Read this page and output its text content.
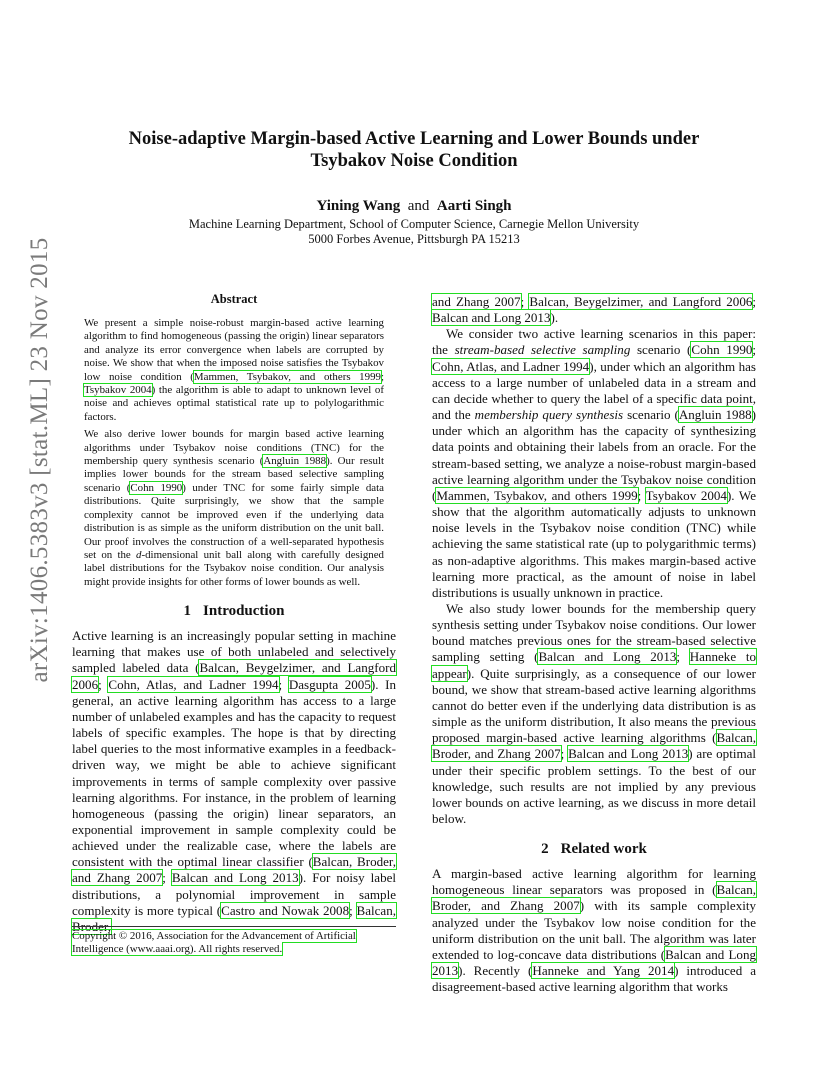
arXiv:1406.5383v3 [stat.ML] 23 Nov 2015
Noise-adaptive Margin-based Active Learning and Lower Bounds under
Tsybakov Noise Condition
Yining Wang and Aarti Singh
Machine Learning Department, School of Computer Science, Carnegie Mellon University
5000 Forbes Avenue, Pittsburgh PA 15213
Abstract

We present a simple noise-robust margin-based active learning algorithm to find homogeneous (passing the origin) linear separators and analyze its error convergence when labels are corrupted by noise. We show that when the imposed noise satisfies the Tsybakov low noise condition (Mammen, Tsybakov, and others 1999; Tsybakov 2004) the algorithm is able to adapt to unknown level of noise and achieves optimal statistical rate up to polylogarithmic factors.

We also derive lower bounds for margin based active learning algorithms under Tsybakov noise conditions (TNC) for the membership query synthesis scenario (Angluin 1988). Our result implies lower bounds for the stream based selective sampling scenario (Cohn 1990) under TNC for some fairly simple data distributions. Quite surprisingly, we show that the sample complexity cannot be improved even if the underlying data distribution is as simple as the uniform distribution on the unit ball. Our proof involves the construction of a well-separated hypothesis set on the d-dimensional unit ball along with carefully designed label distributions for the Tsybakov noise condition. Our analysis might provide insights for other forms of lower bounds as well.

1 Introduction

Active learning is an increasingly popular setting in machine learning that makes use of both unlabeled and selectively sampled labeled data (Balcan, Beygelzimer, and Langford 2006; Cohn, Atlas, and Ladner 1994; Dasgupta 2005). In general, an active learning algorithm has access to a large number of unlabeled examples and has the capacity to request labels of specific examples. The hope is that by directing label queries to the most informative examples in a feedback-driven way, we might be able to achieve significant improvements in terms of sample complexity over passive learning algorithms. For instance, in the problem of learning homogeneous (passing the origin) linear separators, an exponential improvement in sample complexity could be achieved under the realizable case, where the labels are consistent with the optimal linear classifier (Balcan, Broder, and Zhang 2007; Balcan and Long 2013). For noisy label distributions, a polynomial improvement in sample complexity is more typical (Castro and Nowak 2008; Balcan, Broder,

Copyright © 2016, Association for the Advancement of Artificial Intelligence (www.aaai.org). All rights reserved.

and Zhang 2007; Balcan, Beygelzimer, and Langford 2006; Balcan and Long 2013).

We consider two active learning scenarios in this paper: the stream-based selective sampling scenario (Cohn 1990; Cohn, Atlas, and Ladner 1994), under which an algorithm has access to a large number of unlabeled data in a stream and can decide whether to query the label of a specific data point, and the membership query synthesis scenario (Angluin 1988) under which an algorithm has the capacity of synthesizing data points and obtaining their labels from an oracle. For the stream-based setting, we analyze a noise-robust margin-based active learning algorithm under the Tsybakov noise condition (Mammen, Tsybakov, and others 1999; Tsybakov 2004). We show that the algorithm automatically adjusts to unknown noise levels in the Tsybakov noise condition (TNC) while achieving the same statistical rate (up to polygarithmic terms) as non-adaptive algorithms. This makes margin-based active learning more practical, as the amount of noise in label distributions is usually unknown in practice.

We also study lower bounds for the membership query synthesis setting under Tsybakov noise conditions. Our lower bound matches previous ones for the stream-based selective sampling setting (Balcan and Long 2013; Hanneke to appear). Quite surprisingly, as a consequence of our lower bound, we show that stream-based active learning algorithms cannot do better even if the underlying data distribution is as simple as the uniform distribution, It also means the previous proposed margin-based active learning algorithms (Balcan, Broder, and Zhang 2007; Balcan and Long 2013) are optimal under their specific problem settings. To the best of our knowledge, such results are not implied by any previous lower bounds on active learning, as we discuss in more detail below.

2 Related work

A margin-based active learning algorithm for learning homogeneous linear separators was proposed in (Balcan, Broder, and Zhang 2007) with its sample complexity analyzed under the Tsybakov low noise condition for the uniform distribution on the unit ball. The algorithm was later extended to log-concave data distributions (Balcan and Long 2013). Recently (Hanneke and Yang 2014) introduced a disagreement-based active learning algorithm that works
